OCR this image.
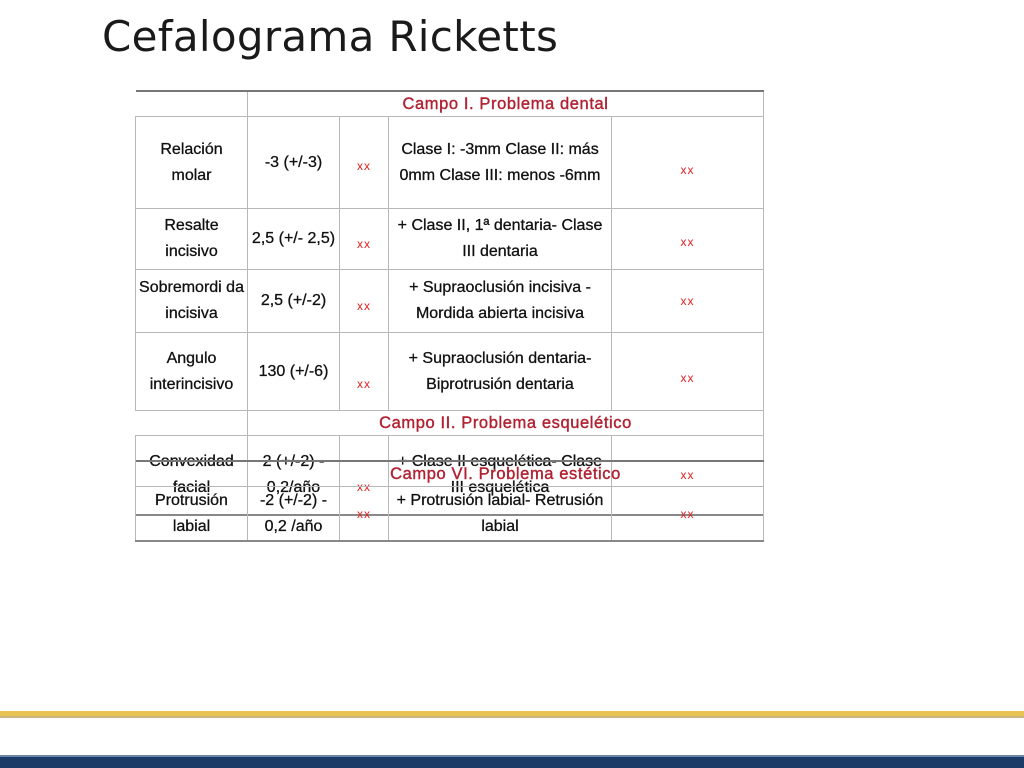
Cefalograma Ricketts
	Campo I. Problema dental			
Relación molar	-3 (+/-3)	xx	Clase I: -3mm Clase II: más 0mm Clase III: menos -6mm	xx
Resalte incisivo	2,5 (+/- 2,5)	xx	+ Clase II, 1ª dentaria- Clase III dentaria	xx
Sobremordi da incisiva	2,5 (+/-2)	xx	+ Supraoclusión incisiva - Mordida abierta incisiva	xx
Angulo interincisivo	130 (+/-6)	xx	+ Supraoclusión dentaria- Biprotrusión dentaria	xx
	Campo II. Problema esquelético			
Convexidad facial	2 (+/-2) - 0,2/año	xx	+ Clase II esquelética- Clase III esquelética	xx
	Campo VI. Problema estético			
Protrusión labial	-2 (+/-2) - 0,2 /año	xx	+ Protrusión labial- Retrusión labial	xx
